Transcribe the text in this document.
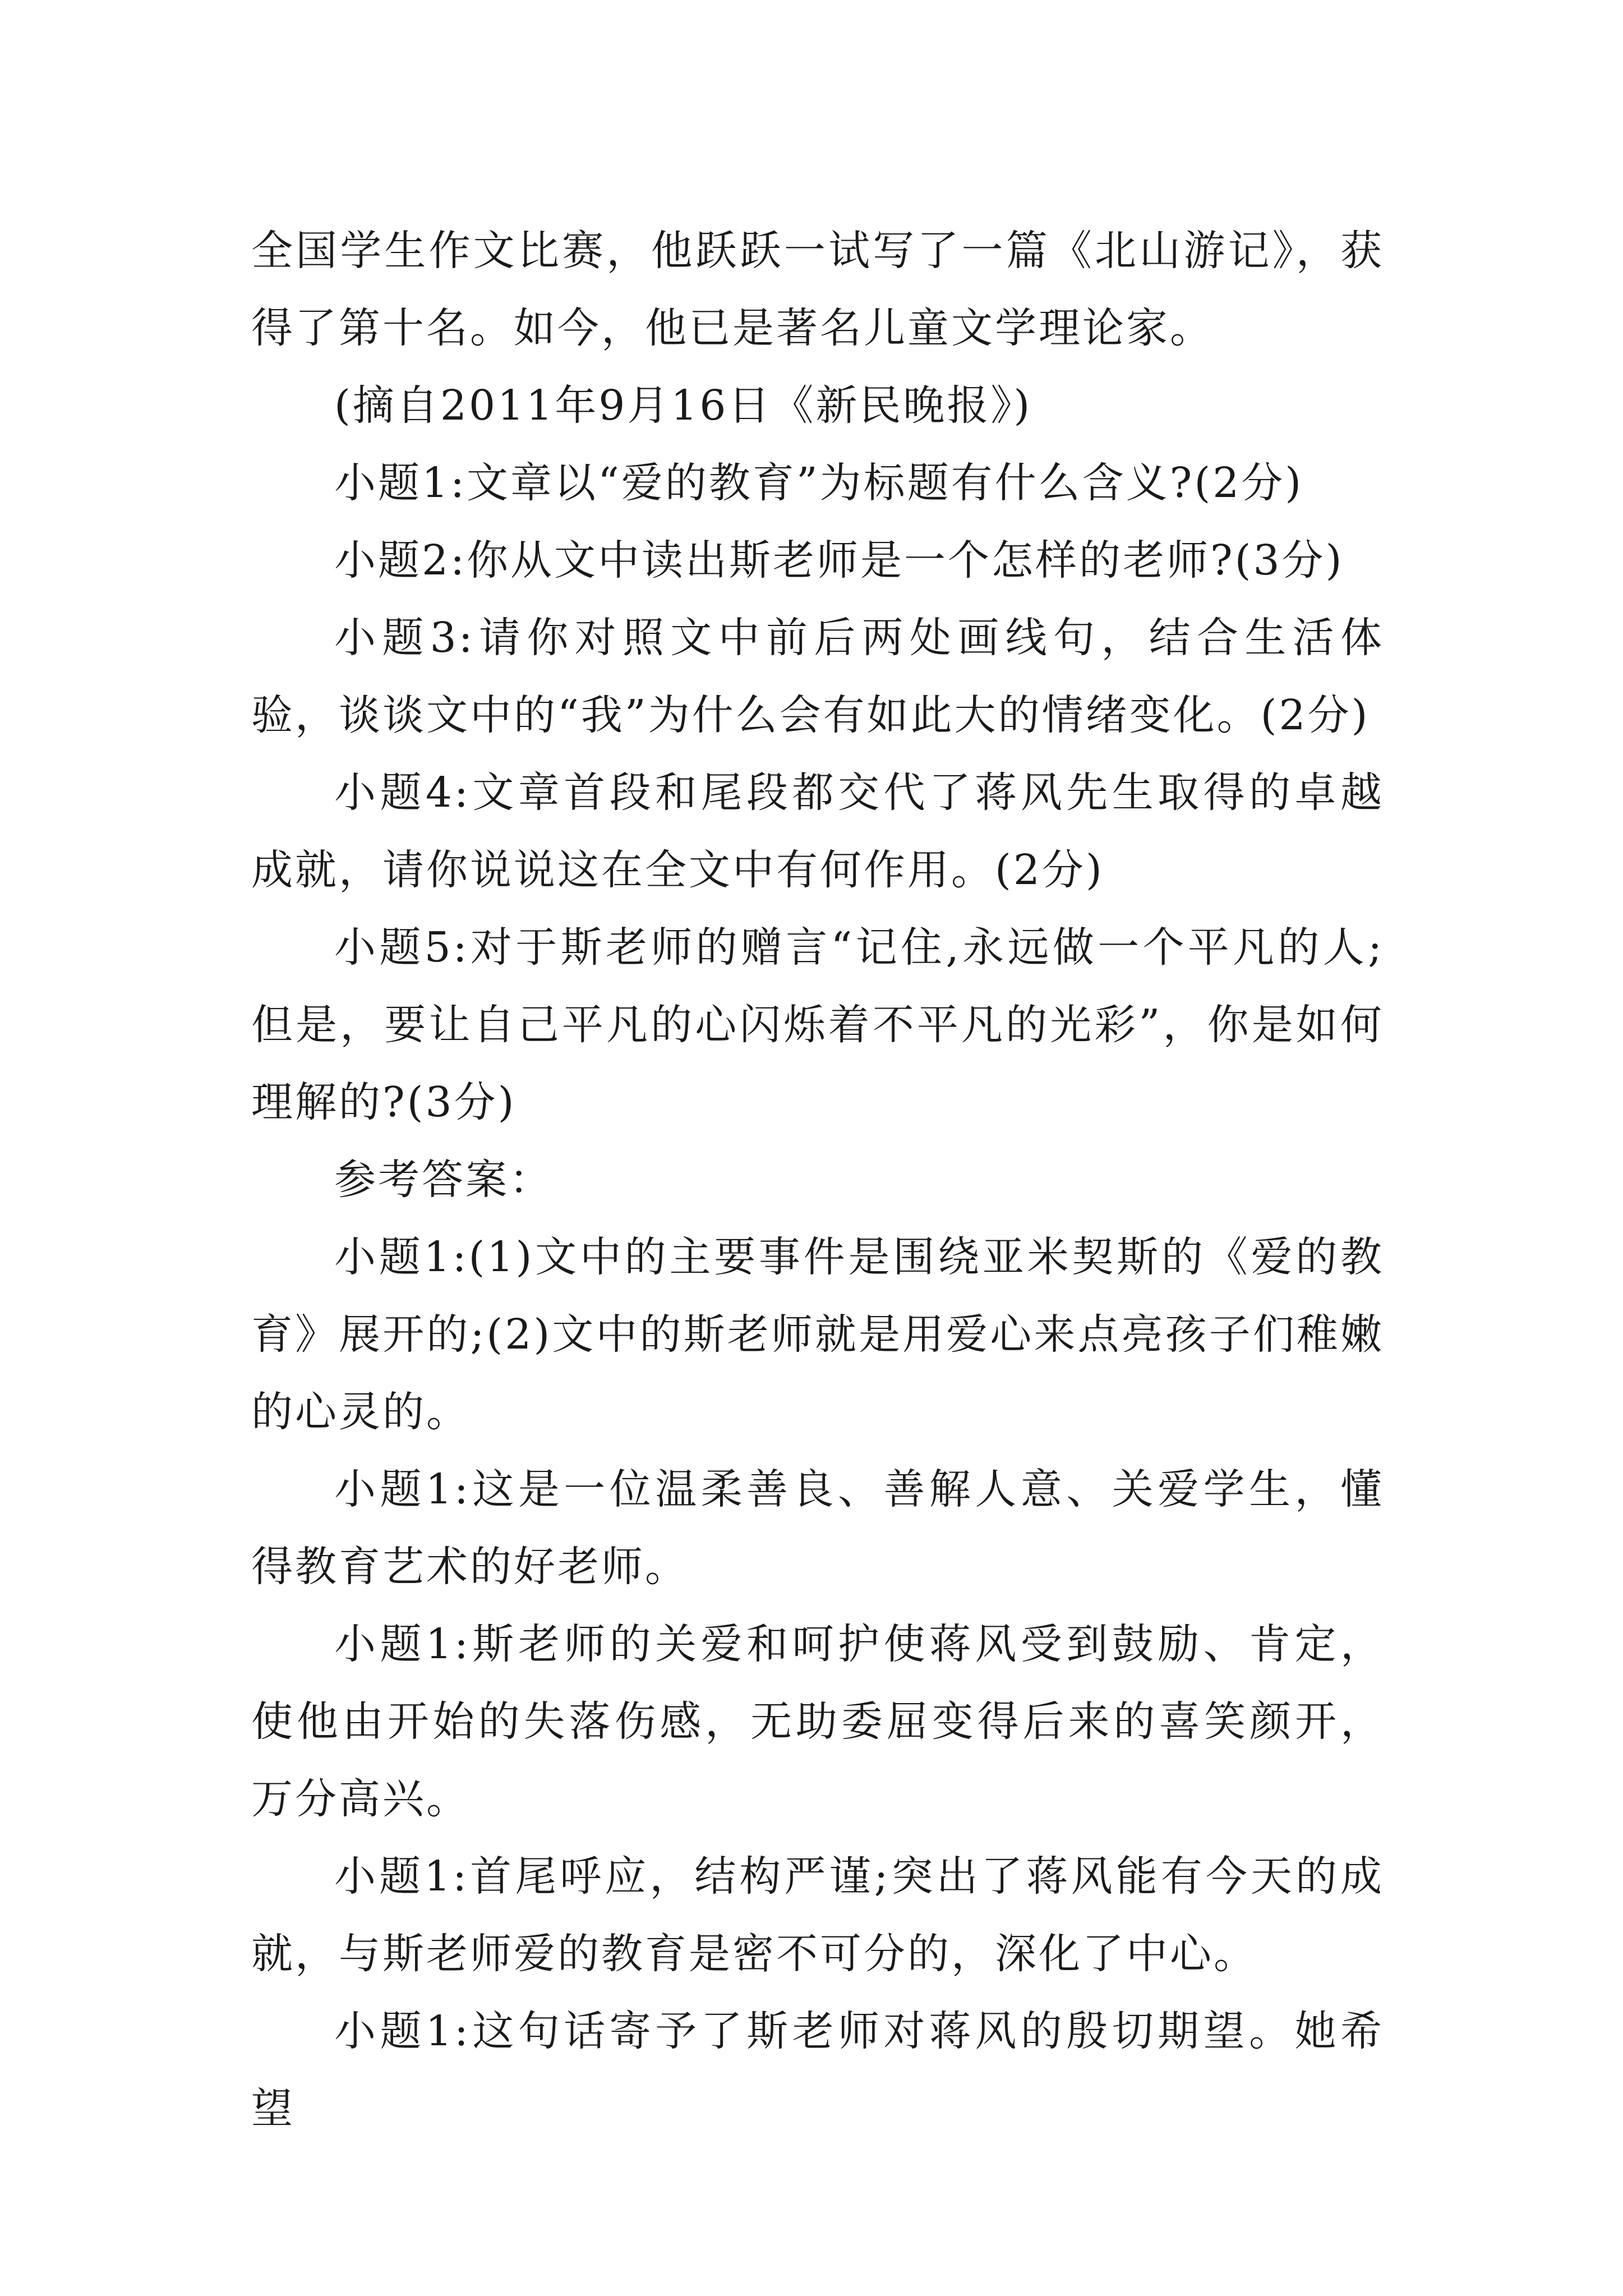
全国学生作文比赛，他跃跃一试写了一篇《北山游记》，获得了第十名。如今，他已是著名儿童文学理论家。

(摘自2011年9月16日《新民晚报》)

小题1:文章以“爱的教育”为标题有什么含义?(2分)

小题2:你从文中读出斯老师是一个怎样的老师?(3分)

小题3:请你对照文中前后两处画线句，结合生活体验，谈谈文中的“我”为什么会有如此大的情绪变化。(2分)

小题4:文章首段和尾段都交代了蒋风先生取得的卓越成就，请你说说这在全文中有何作用。(2分)

小题5:对于斯老师的赠言“记住,永远做一个平凡的人;但是，要让自己平凡的心闪烁着不平凡的光彩”，你是如何理解的?(3分)

参考答案：

小题1:(1)文中的主要事件是围绕亚米契斯的《爱的教育》展开的;(2)文中的斯老师就是用爱心来点亮孩子们稚嫩的心灵的。

小题1:这是一位温柔善良、善解人意、关爱学生，懂得教育艺术的好老师。

小题1:斯老师的关爱和呵护使蒋风受到鼓励、肯定，使他由开始的失落伤感，无助委屈变得后来的喜笑颜开，万分高兴。

小题1:首尾呼应，结构严谨;突出了蒋风能有今天的成就，与斯老师爱的教育是密不可分的，深化了中心。

小题1:这句话寄予了斯老师对蒋风的殷切期望。她希望
